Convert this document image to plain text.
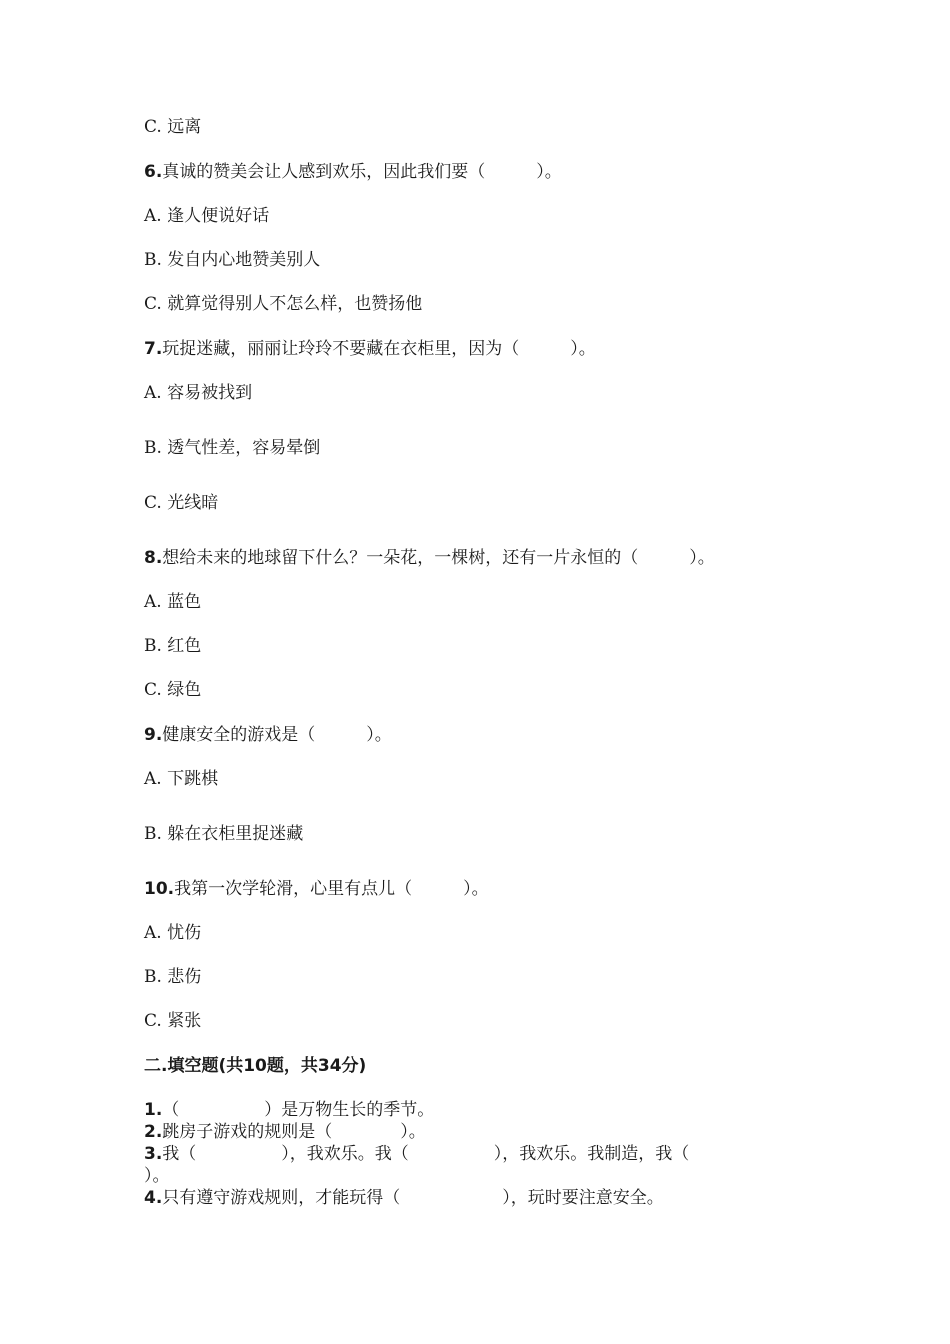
C. 远离
6.真诚的赞美会让人感到欢乐，因此我们要（　　　）。
A. 逢人便说好话
B. 发自内心地赞美别人
C. 就算觉得别人不怎么样，也赞扬他
7.玩捉迷藏，丽丽让玲玲不要藏在衣柜里，因为（　　　）。
A. 容易被找到
B. 透气性差，容易晕倒
C. 光线暗
8.想给未来的地球留下什么？一朵花，一棵树，还有一片永恒的（　　　）。
A. 蓝色
B. 红色
C. 绿色
9.健康安全的游戏是（　　　）。
A. 下跳棋
B. 躲在衣柜里捉迷藏
10.我第一次学轮滑，心里有点儿（　　　）。
A. 忧伤
B. 悲伤
C. 紧张
二.填空题(共10题，共34分)
1.（　　　　　）是万物生长的季节。
2.跳房子游戏的规则是（　　　　）。
3.我（　　　　　），我欢乐。我（　　　　　），我欢乐。我制造，我（
）。
4.只有遵守游戏规则，才能玩得（　　　　　　），玩时要注意安全。
